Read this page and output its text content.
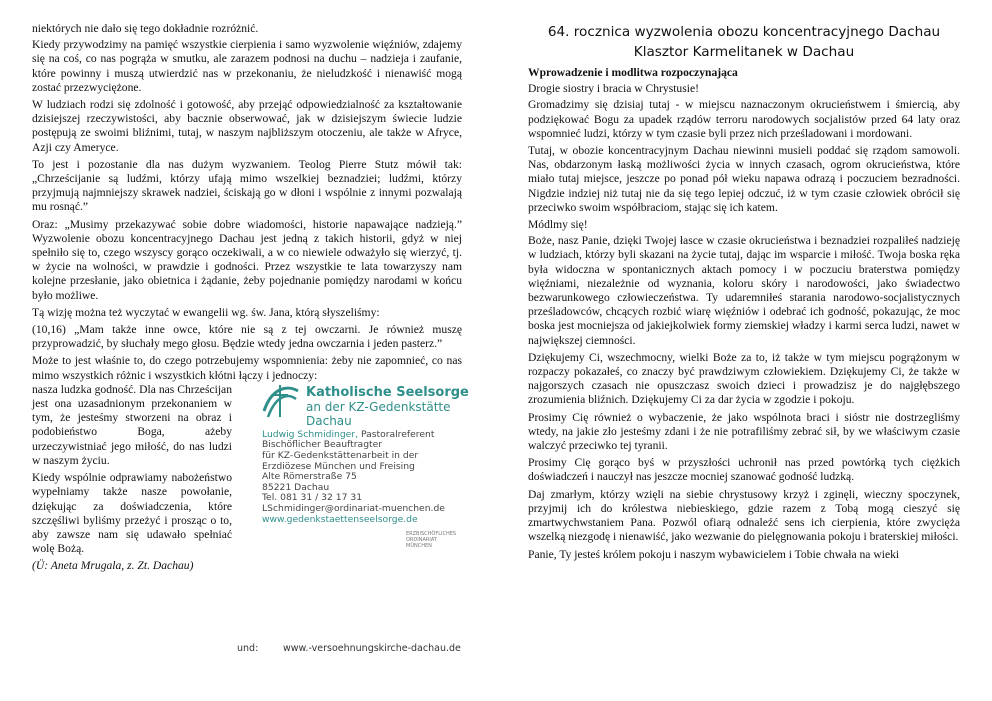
niektórych nie dało się tego dokładnie rozróżnić.

Kiedy przywodzimy na pamięć wszystkie cierpienia i samo wyzwolenie więźniów, zdajemy się na coś, co nas pogrąża w smutku, ale zarazem podnosi na duchu – nadzieja i zaufanie, które powinny i muszą utwierdzić nas w przekonaniu, że nieludzkość i nienawiść mogą zostać przezwyciężone.

W ludziach rodzi się zdolność i gotowość, aby przejąć odpowiedzialność za kształtowanie dzisiejszej rzeczywistości, aby bacznie obserwować, jak w dzisiejszym świecie ludzie postępują ze swoimi bliźnimi, tutaj, w naszym najbliższym otoczeniu, ale także w Afryce, Azji czy Ameryce.

To jest i pozostanie dla nas dużym wyzwaniem. Teolog Pierre Stutz mówił tak: „Chrześcijanie są ludźmi, którzy ufają mimo wszelkiej beznadziei; ludźmi, którzy przyjmują najmniejszy skrawek nadziei, ściskają go w dłoni i wspólnie z innymi pozwalają mu rosnąć.”

Oraz: „Musimy przekazywać sobie dobre wiadomości, historie napawające nadzieją.” Wyzwolenie obozu koncentracyjnego Dachau jest jedną z takich historii, gdyż w niej spełniło się to, czego wszyscy gorąco oczekiwali, a w co niewiele odważyło się wierzyć, tj. w życie na wolności, w prawdzie i godności. Przez wszystkie te lata towarzyszy nam kolejne przesłanie, jako obietnica i żądanie, żeby pojednanie pomiędzy narodami w końcu było możliwe.

Tą wizję można też wyczytać w ewangelii wg. św. Jana, którą słyszeliśmy:

(10,16) „Mam także inne owce, które nie są z tej owczarni. Je również muszę przyprowadzić, by słuchały mego głosu. Będzie wtedy jedna owczarnia i jeden pasterz.”

Może to jest właśnie to, do czego potrzebujemy wspomnienia: żeby nie zapomnieć, co nas mimo wszystkich różnic i wszystkich kłótni łączy i jednoczy:

nasza ludzka godność. Dla nas Chrześcijan jest ona uzasadnionym przekonaniem w tym, że jesteśmy stworzeni na obraz i podobieństwo Boga, ażeby urzeczywistniać jego miłość, do nas ludzi w naszym życiu.

Kiedy wspólnie odprawiamy nabożeństwo wypełniamy także nasze powołanie, dziękując za doświadczenia, które szczęśliwi byliśmy przeżyć i prosząc o to, aby zawsze nam się udawało spełniać wolę Bożą.

(Ü: Aneta Mrugala, z. Zt. Dachau)

Katholische Seelsorge
an der KZ-Gedenkstätte
Dachau
Ludwig Schmidinger, Pastoralreferent
Bischöflicher Beauftragter
für KZ-Gedenkstättenarbeit in der
Erzdiözese München und Freising
Alte Römerstraße 75
85221 Dachau
Tel. 081 31 / 32 17 31
LSchmidinger@ordinariat-muenchen.de
www.gedenkstaettenseelsorge.de
ERZBISCHÖFLICHES ORDINARIAT MÜNCHEN
und:	www.-versoehnungskirche-dachau.de
64. rocznica wyzwolenia obozu koncentracyjnego Dachau
Klasztor Karmelitanek w Dachau
Wprowadzenie i modlitwa rozpoczynająca

Drogie siostry i bracia w Chrystusie!

Gromadzimy się dzisiaj tutaj - w miejscu naznaczonym okrucieństwem i śmiercią, aby podziękować Bogu za upadek rządów terroru narodowych socjalistów przed 64 laty oraz wspomnieć ludzi, którzy w tym czasie byli przez nich prześladowani i mordowani.

Tutaj, w obozie koncentracyjnym Dachau niewinni musieli poddać się rządom samowoli. Nas, obdarzonym łaską możliwości życia w innych czasach, ogrom okrucieństwa, które miało tutaj miejsce, jeszcze po ponad pół wieku napawa odrazą i poczuciem bezradności. Nigdzie indziej niż tutaj nie da się tego lepiej odczuć, iż w tym czasie człowiek obrócił się przeciwko swoim współbraciom, stając się ich katem.

Módlmy się!

Boże, nasz Panie, dzięki Twojej łasce w czasie okrucieństwa i beznadziei rozpaliłeś nadzieję w ludziach, którzy byli skazani na życie tutaj, dając im wsparcie i miłość. Twoja boska ręka była widoczna w spontanicznych aktach pomocy i w poczuciu braterstwa pomiędzy więźniami, niezależnie od wyznania, koloru skóry i narodowości, jako świadectwo bezwarunkowego człowieczeństwa. Ty udaremniłeś starania narodowo-socjalistycznych prześladowców, chcących rozbić wiarę więźniów i odebrać ich godność, pokazując, że moc boska jest mocniejsza od jakiejkolwiek formy ziemskiej władzy i karmi serca ludzi, nawet w największej ciemności.

Dziękujemy Ci, wszechmocny, wielki Boże za to, iż także w tym miejscu pogrążonym w rozpaczy pokazałeś, co znaczy być prawdziwym człowiekiem. Dziękujemy Ci, że także w najgorszych czasach nie opuszczasz swoich dzieci i prowadzisz je do najgłębszego zrozumienia bliźnich. Dziękujemy Ci za dar życia w zgodzie i pokoju.

Prosimy Cię również o wybaczenie, że jako wspólnota braci i sióstr nie dostrzegliśmy wtedy, na jakie zło jesteśmy zdani i że nie potrafiliśmy zebrać sił, by we właściwym czasie walczyć przeciwko tej tyranii.

Prosimy Cię gorąco byś w przyszłości uchronił nas przed powtórką tych ciężkich doświadczeń i nauczył nas jeszcze mocniej szanować godność ludzką.

Daj zmarłym, którzy wzięli na siebie chrystusowy krzyż i zginęli, wieczny spoczynek, przyjmij ich do królestwa niebieskiego, gdzie razem z Tobą mogą cieszyć się zmartwychwstaniem Pana. Pozwól ofiarą odnaleźć sens ich cierpienia, które zwycięża wszelką niezgodę i nienawiść, jako wezwanie do pielęgnowania pokoju i braterskiej miłości.

Panie, Ty jesteś królem pokoju i naszym wybawicielem i Tobie chwała na wieki
